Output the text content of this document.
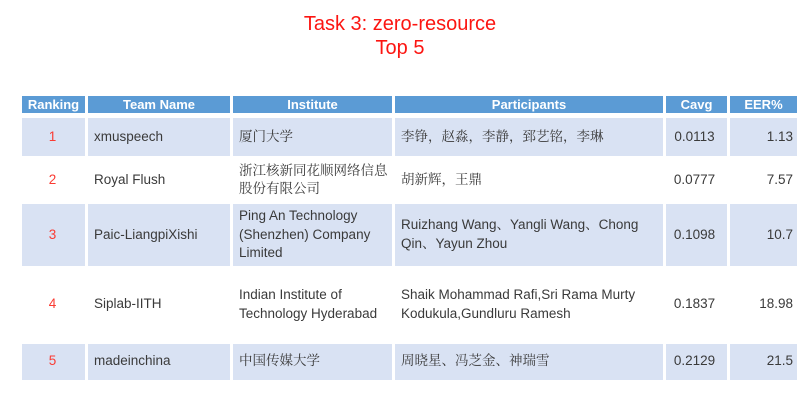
Task 3: zero-resource
Top 5
Ranking	Team Name	Institute	Participants	Cavg	EER%
1	xmuspeech	厦门大学	李铮，赵淼，李静，郅艺铭，李琳	0.0113	1.13
2	Royal Flush	浙江核新同花顺网络信息股份有限公司	胡新辉，王鼎	0.0777	7.57
3	Paic-LiangpiXishi	Ping An Technology (Shenzhen) Company Limited	Ruizhang Wang、Yangli Wang、Chong Qin、Yayun Zhou	0.1098	10.7
4	Siplab-IITH	Indian Institute of Technology Hyderabad	Shaik Mohammad Rafi,Sri Rama Murty Kodukula,Gundluru Ramesh	0.1837	18.98
5	madeinchina	中国传媒大学	周晓星、冯芝金、神瑞雪	0.2129	21.5
